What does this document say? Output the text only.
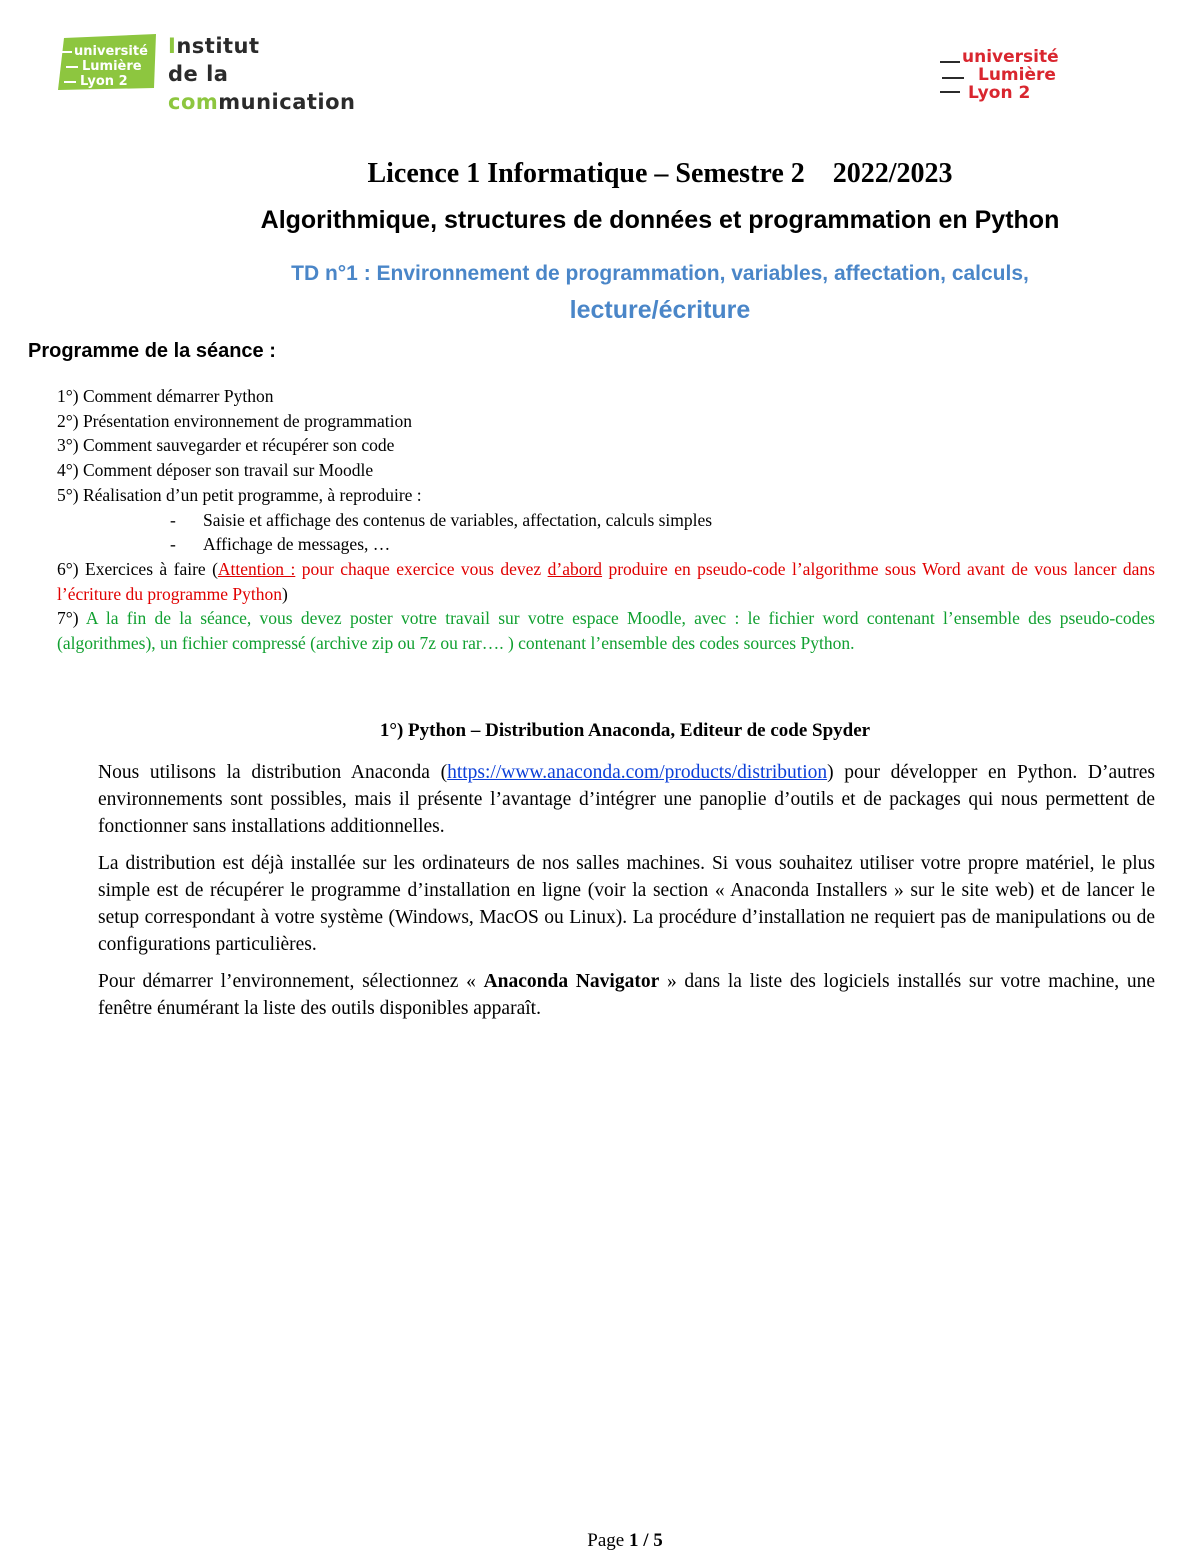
université
Lumière
Lyon 2
Institut
de la
communication
université
Lumière
Lyon 2
Licence 1 Informatique – Semestre 2    2022/2023
Algorithmique, structures de données et programmation en Python
TD n°1 : Environnement de programmation, variables, affectation, calculs,
lecture/écriture
Programme de la séance :

1°) Comment démarrer Python

2°) Présentation environnement de programmation

3°) Comment sauvegarder et récupérer son code

4°) Comment déposer son travail sur Moodle

5°) Réalisation d’un petit programme, à reproduire :

- Saisie et affichage des contenus de variables, affectation, calculs simples

- Affichage de messages, …

6°) Exercices à faire (Attention : pour chaque exercice vous devez d’abord produire en pseudo-code l’algorithme sous Word avant de vous lancer dans l’écriture du programme Python)

7°) A la fin de la séance, vous devez poster votre travail sur votre espace Moodle, avec : le fichier word contenant l’ensemble des pseudo-codes (algorithmes), un fichier compressé (archive zip ou 7z ou rar…. ) contenant l’ensemble des codes sources Python.

1°) Python – Distribution Anaconda, Editeur de code Spyder

Nous utilisons la distribution Anaconda (https://www.anaconda.com/products/distribution) pour développer en Python. D’autres environnements sont possibles, mais il présente l’avantage d’intégrer une panoplie d’outils et de packages qui nous permettent de fonctionner sans installations additionnelles.

La distribution est déjà installée sur les ordinateurs de nos salles machines. Si vous souhaitez utiliser votre propre matériel, le plus simple est de récupérer le programme d’installation en ligne (voir la section « Anaconda Installers » sur le site web) et de lancer le setup correspondant à votre système (Windows, MacOS ou Linux). La procédure d’installation ne requiert pas de manipulations ou de configurations particulières.

Pour démarrer l’environnement, sélectionnez « Anaconda Navigator » dans la liste des logiciels installés sur votre machine, une fenêtre énumérant la liste des outils disponibles apparaît.

Page 1 / 5
